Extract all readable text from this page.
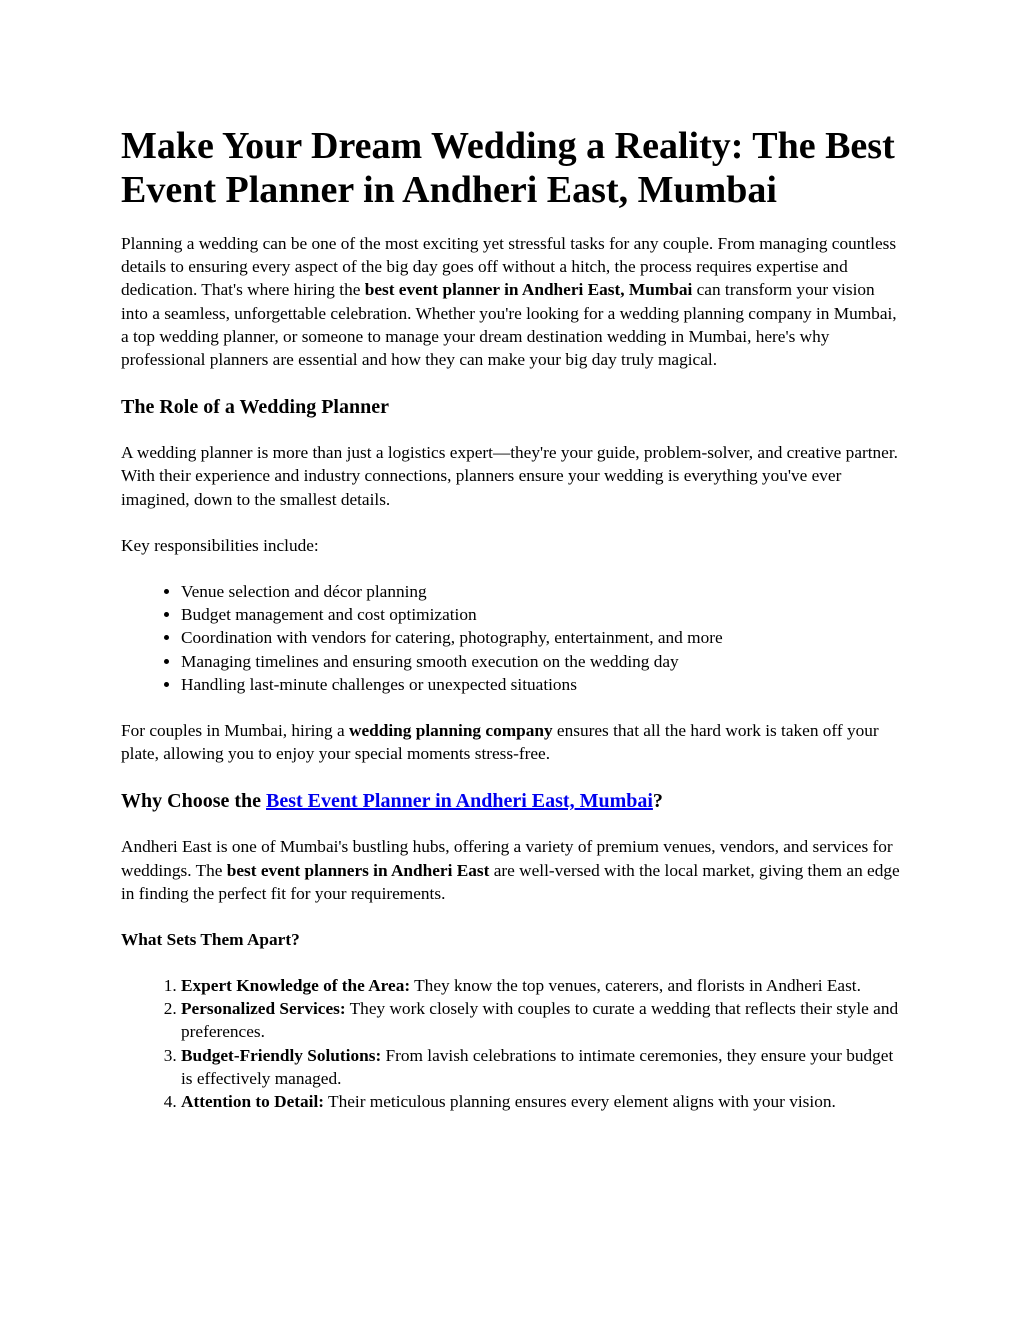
Make Your Dream Wedding a Reality: The Best Event Planner in Andheri East, Mumbai

Planning a wedding can be one of the most exciting yet stressful tasks for any couple. From managing countless details to ensuring every aspect of the big day goes off without a hitch, the process requires expertise and dedication. That's where hiring the best event planner in Andheri East, Mumbai can transform your vision into a seamless, unforgettable celebration. Whether you're looking for a wedding planning company in Mumbai, a top wedding planner, or someone to manage your dream destination wedding in Mumbai, here's why professional planners are essential and how they can make your big day truly magical.

The Role of a Wedding Planner

A wedding planner is more than just a logistics expert—they're your guide, problem-solver, and creative partner. With their experience and industry connections, planners ensure your wedding is everything you've ever imagined, down to the smallest details.

Key responsibilities include:

• Venue selection and décor planning
• Budget management and cost optimization
• Coordination with vendors for catering, photography, entertainment, and more
• Managing timelines and ensuring smooth execution on the wedding day
• Handling last-minute challenges or unexpected situations

For couples in Mumbai, hiring a wedding planning company ensures that all the hard work is taken off your plate, allowing you to enjoy your special moments stress-free.

Why Choose the Best Event Planner in Andheri East, Mumbai?

Andheri East is one of Mumbai's bustling hubs, offering a variety of premium venues, vendors, and services for weddings. The best event planners in Andheri East are well-versed with the local market, giving them an edge in finding the perfect fit for your requirements.

What Sets Them Apart?
1. Expert Knowledge of the Area: They know the top venues, caterers, and florists in Andheri East.
2. Personalized Services: They work closely with couples to curate a wedding that reflects their style and preferences.
3. Budget-Friendly Solutions: From lavish celebrations to intimate ceremonies, they ensure your budget is effectively managed.
4. Attention to Detail: Their meticulous planning ensures every element aligns with your vision.
